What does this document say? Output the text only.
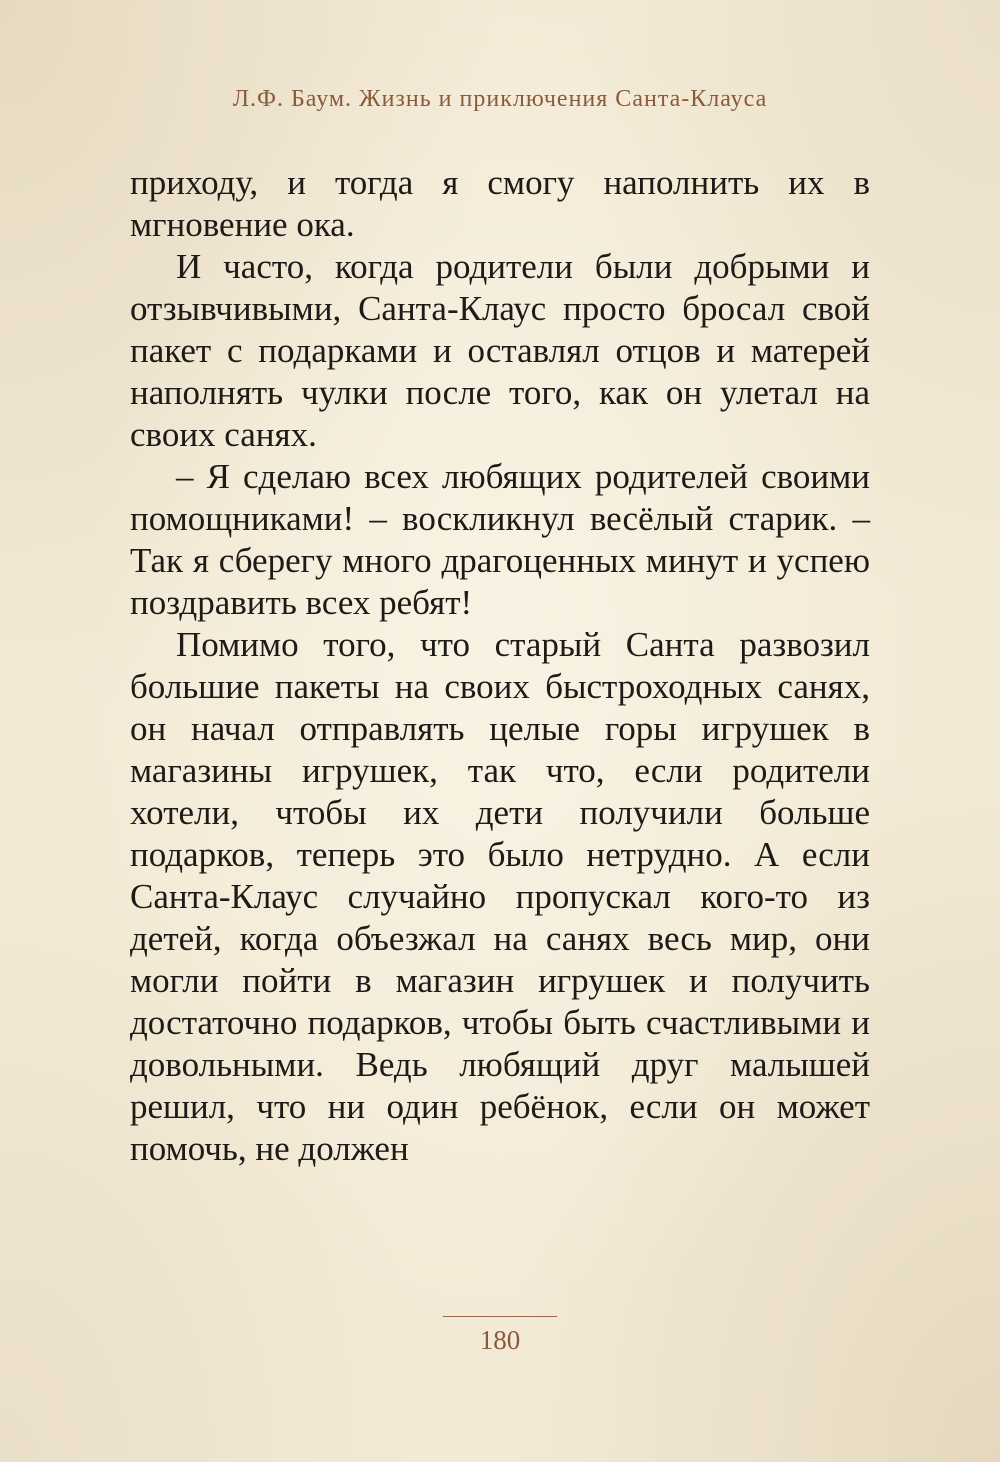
Л.Ф. Баум. Жизнь и приключения Санта-Клауса

приходу, и тогда я смогу наполнить их в мгновение ока.

И часто, когда родители были добрыми и отзывчивыми, Санта-Клаус просто бросал свой пакет с подарками и оставлял отцов и матерей наполнять чулки после того, как он улетал на своих санях.

– Я сделаю всех любящих родителей своими помощниками! – воскликнул весёлый старик. – Так я сберегу много драгоценных минут и успею поздравить всех ребят!

Помимо того, что старый Санта развозил большие пакеты на своих быстроходных санях, он начал отправлять целые горы игрушек в магазины игрушек, так что, если родители хотели, чтобы их дети получили больше подарков, теперь это было нетрудно. А если Санта-Клаус случайно пропускал кого-то из детей, когда объезжал на санях весь мир, они могли пойти в магазин игрушек и получить достаточно подарков, чтобы быть счастливыми и довольными. Ведь любящий друг малышей решил, что ни один ребёнок, если он может помочь, не должен

180
